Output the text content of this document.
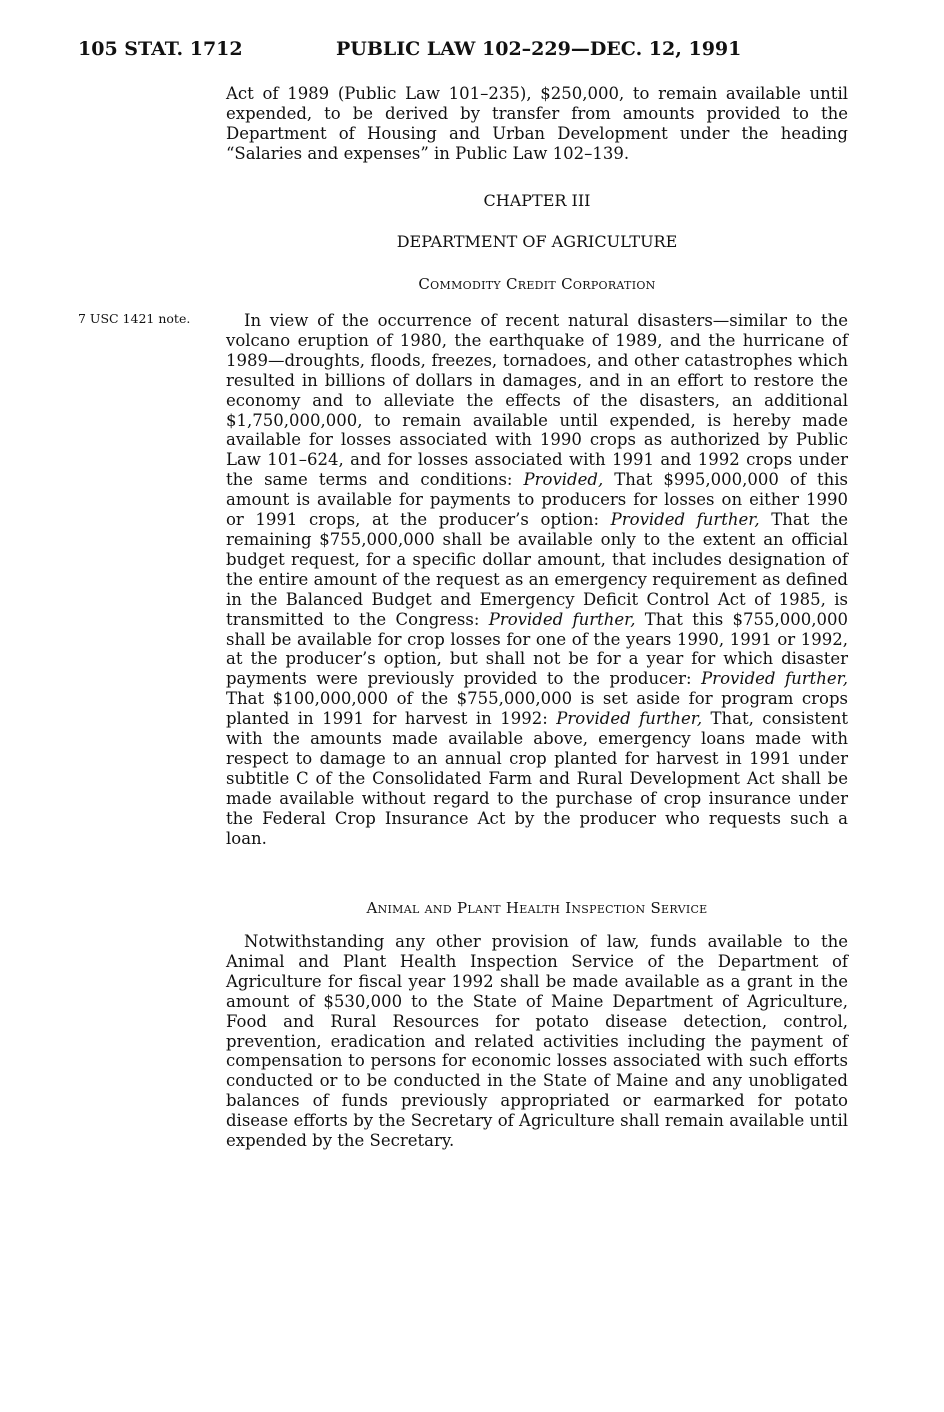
105 STAT. 1712	PUBLIC LAW 102–229—DEC. 12, 1991

Act of 1989 (Public Law 101–235), $250,000, to remain available until expended, to be derived by transfer from amounts provided to the Department of Housing and Urban Development under the heading “Salaries and expenses” in Public Law 102–139.

CHAPTER III

DEPARTMENT OF AGRICULTURE

Commodity Credit Corporation

7 USC 1421 note.	In view of the occurrence of recent natural disasters—similar to the volcano eruption of 1980, the earthquake of 1989, and the hurricane of 1989—droughts, floods, freezes, tornadoes, and other catastrophes which resulted in billions of dollars in damages, and in an effort to restore the economy and to alleviate the effects of the disasters, an additional $1,750,000,000, to remain available until expended, is hereby made available for losses associated with 1990 crops as authorized by Public Law 101–624, and for losses associated with 1991 and 1992 crops under the same terms and conditions: Provided, That $995,000,000 of this amount is available for payments to producers for losses on either 1990 or 1991 crops, at the producer’s option: Provided further, That the remaining $755,000,000 shall be available only to the extent an official budget request, for a specific dollar amount, that includes designation of the entire amount of the request as an emergency requirement as defined in the Balanced Budget and Emergency Deficit Control Act of 1985, is transmitted to the Congress: Provided further, That this $755,000,000 shall be available for crop losses for one of the years 1990, 1991 or 1992, at the producer’s option, but shall not be for a year for which disaster payments were previously provided to the producer: Provided further, That $100,000,000 of the $755,000,000 is set aside for program crops planted in 1991 for harvest in 1992: Provided further, That, consistent with the amounts made available above, emergency loans made with respect to damage to an annual crop planted for harvest in 1991 under subtitle C of the Consolidated Farm and Rural Development Act shall be made available without regard to the purchase of crop insurance under the Federal Crop Insurance Act by the producer who requests such a loan.

Animal and Plant Health Inspection Service

Notwithstanding any other provision of law, funds available to the Animal and Plant Health Inspection Service of the Department of Agriculture for fiscal year 1992 shall be made available as a grant in the amount of $530,000 to the State of Maine Department of Agriculture, Food and Rural Resources for potato disease detection, control, prevention, eradication and related activities including the payment of compensation to persons for economic losses associated with such efforts conducted or to be conducted in the State of Maine and any unobligated balances of funds previously appropriated or earmarked for potato disease efforts by the Secretary of Agriculture shall remain available until expended by the Secretary.
